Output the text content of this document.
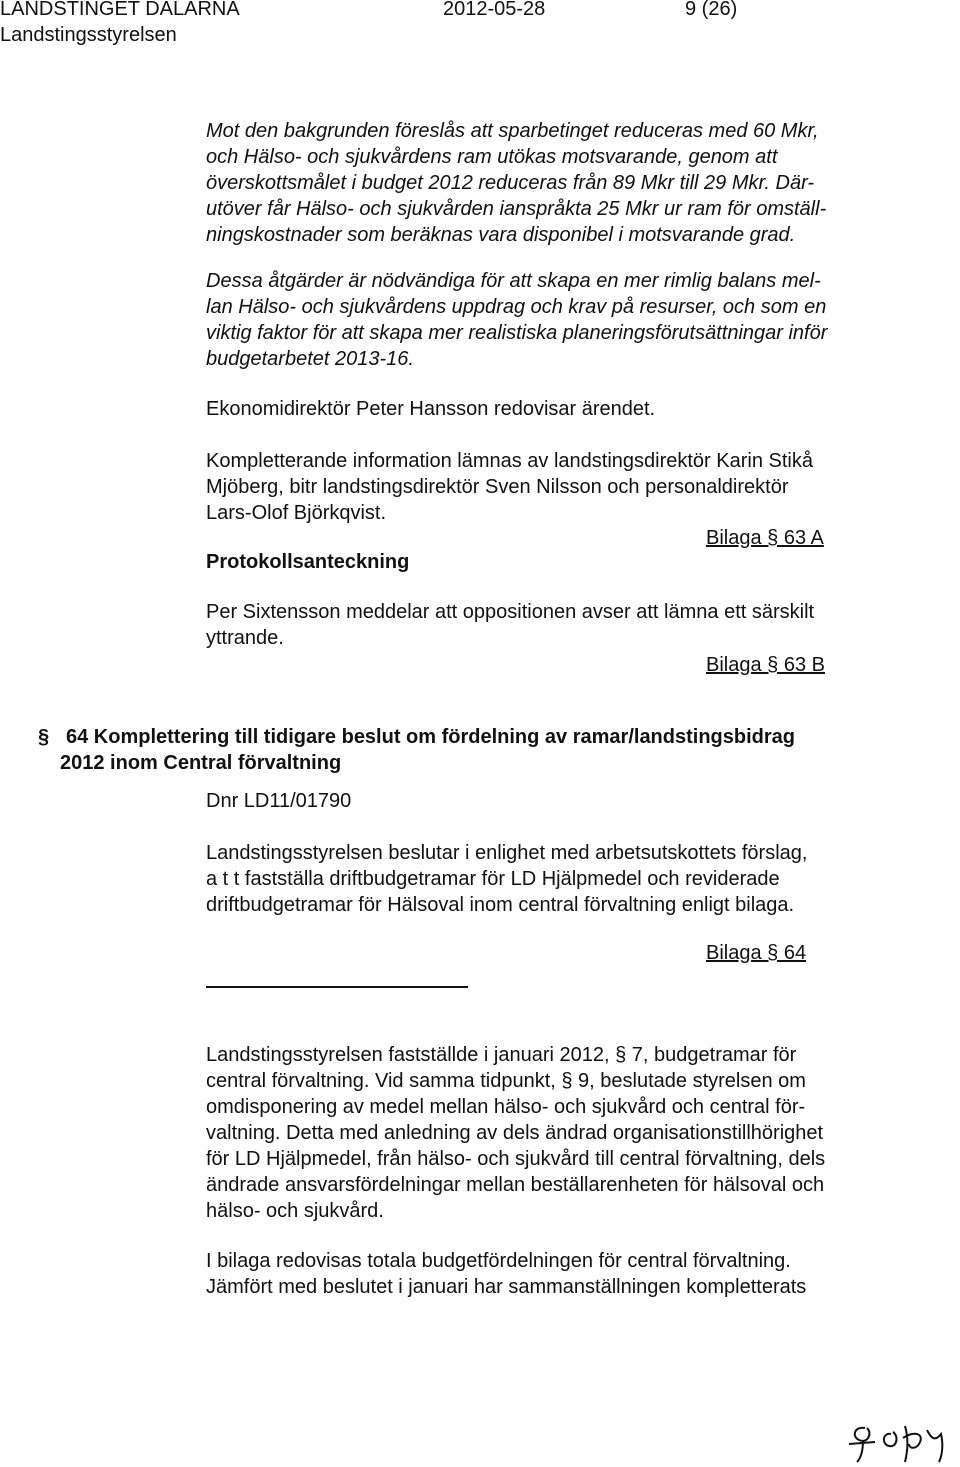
LANDSTINGET DALARNA	2012-05-28	9 (26)
Landstingsstyrelsen
Mot den bakgrunden föreslås att sparbetinget reduceras med 60 Mkr,
och Hälso- och sjukvårdens ram utökas motsvarande, genom att
överskottsmålet i budget 2012 reduceras från 89 Mkr till 29 Mkr. Där-
utöver får Hälso- och sjukvården ianspråkta 25 Mkr ur ram för omställ-
ningskostnader som beräknas vara disponibel i motsvarande grad.
Dessa åtgärder är nödvändiga för att skapa en mer rimlig balans mel-
lan Hälso- och sjukvårdens uppdrag och krav på resurser, och som en
viktig faktor för att skapa mer realistiska planeringsförutsättningar inför
budgetarbetet 2013-16.
Ekonomidirektör Peter Hansson redovisar ärendet.
Kompletterande information lämnas av landstingsdirektör Karin Stikå
Mjöberg, bitr landstingsdirektör Sven Nilsson och personaldirektör
Lars-Olof Björkqvist.
Bilaga § 63 A
Protokollsanteckning
Per Sixtensson meddelar att oppositionen avser att lämna ett särskilt
yttrande.
Bilaga § 63 B
§ 64 Komplettering till tidigare beslut om fördelning av ramar/landstingsbidrag
2012 inom Central förvaltning
Dnr LD11/01790
Landstingsstyrelsen beslutar i enlighet med arbetsutskottets förslag,
a t t fastställa driftbudgetramar för LD Hjälpmedel och reviderade
driftbudgetramar för Hälsoval inom central förvaltning enligt bilaga.
Bilaga § 64
Landstingsstyrelsen fastställde i januari 2012, § 7, budgetramar för
central förvaltning. Vid samma tidpunkt, § 9, beslutade styrelsen om
omdisponering av medel mellan hälso- och sjukvård och central för-
valtning. Detta med anledning av dels ändrad organisationstillhörighet
för LD Hjälpmedel, från hälso- och sjukvård till central förvaltning, dels
ändrade ansvarsfördelningar mellan beställarenheten för hälsoval och
hälso- och sjukvård.
I bilaga redovisas totala budgetfördelningen för central förvaltning.
Jämfört med beslutet i januari har sammanställningen kompletterats
